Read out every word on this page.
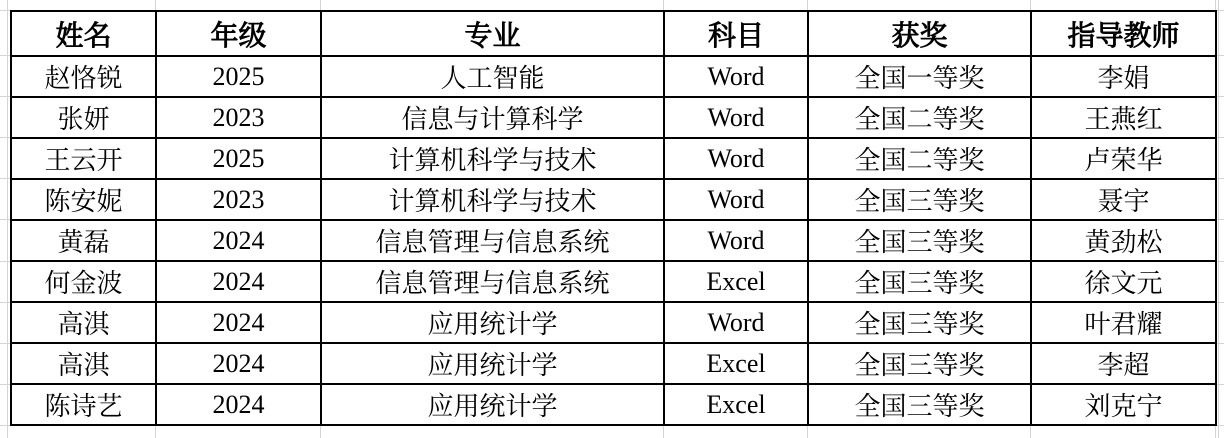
姓名	年级	专业	科目	获奖	指导教师
赵恪锐	2025	人工智能	Word	全国一等奖	李娟
张妍	2023	信息与计算科学	Word	全国二等奖	王燕红
王云开	2025	计算机科学与技术	Word	全国二等奖	卢荣华
陈安妮	2023	计算机科学与技术	Word	全国三等奖	聂宇
黄磊	2024	信息管理与信息系统	Word	全国三等奖	黄劲松
何金波	2024	信息管理与信息系统	Excel	全国三等奖	徐文元
高淇	2024	应用统计学	Word	全国三等奖	叶君耀
高淇	2024	应用统计学	Excel	全国三等奖	李超
陈诗艺	2024	应用统计学	Excel	全国三等奖	刘克宁
